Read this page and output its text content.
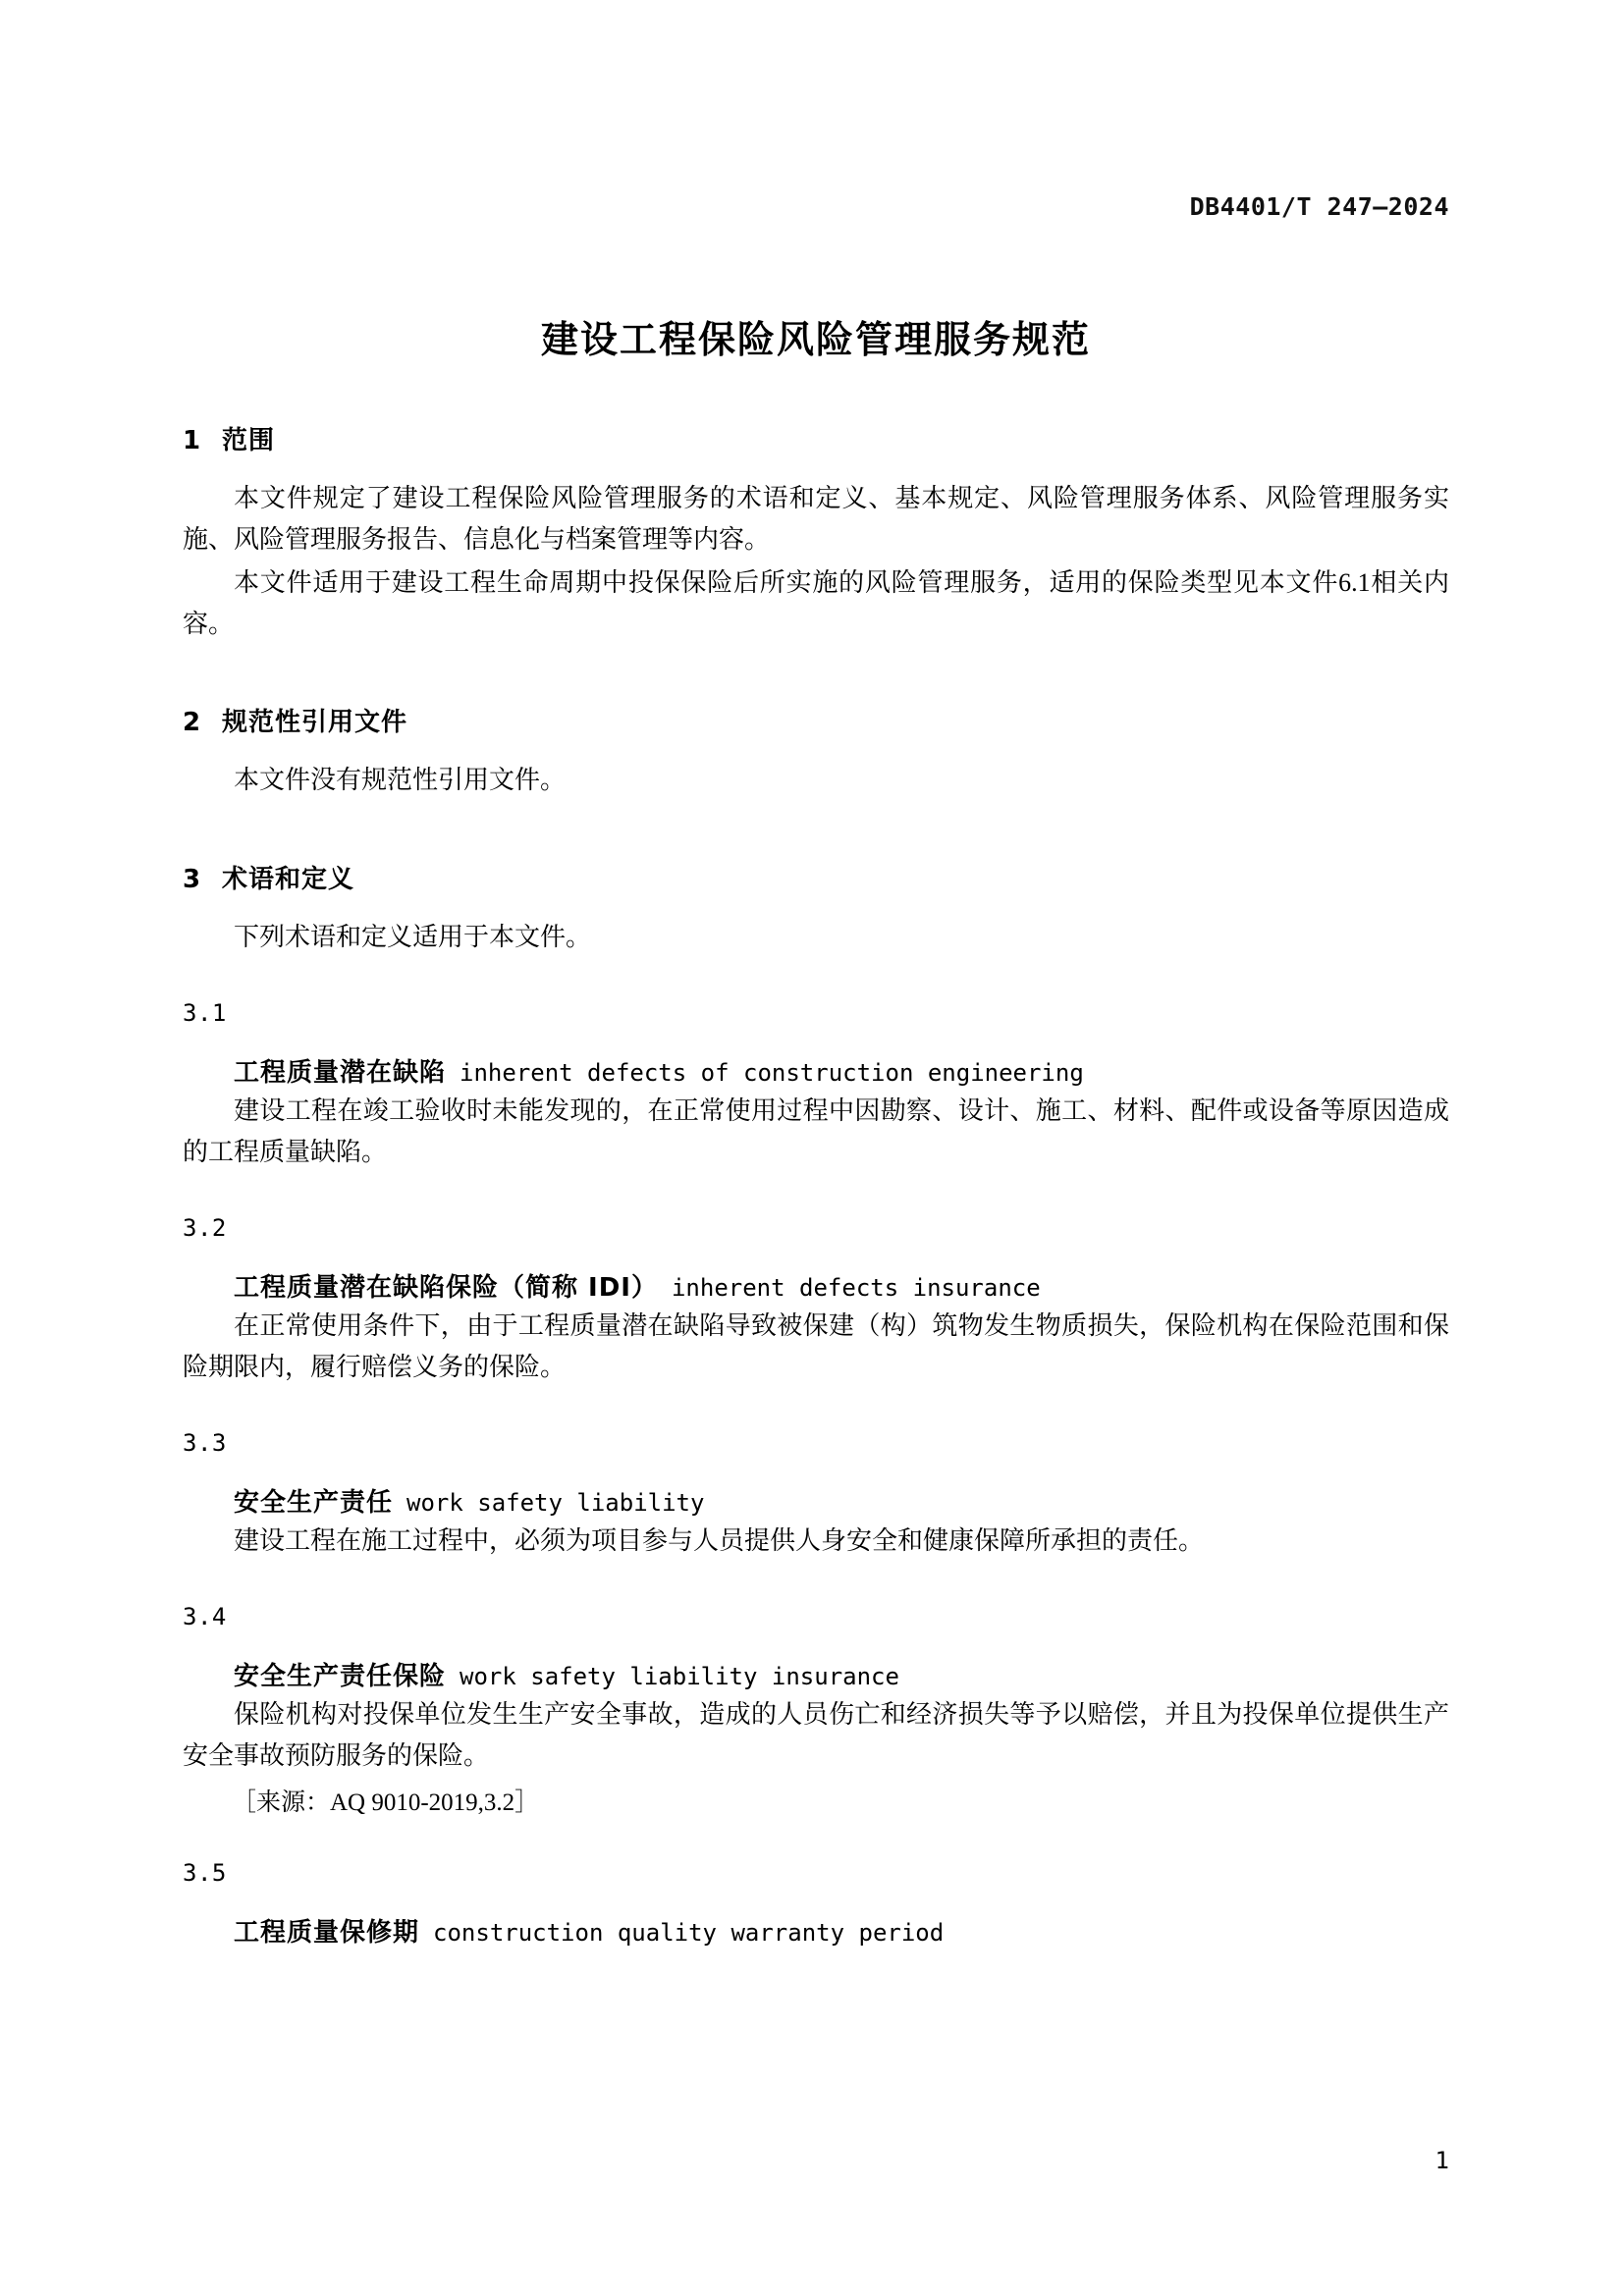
DB4401/T 247—2024
建设工程保险风险管理服务规范
1 范围
本文件规定了建设工程保险风险管理服务的术语和定义、基本规定、风险管理服务体系、风险管理服务实施、风险管理服务报告、信息化与档案管理等内容。
本文件适用于建设工程生命周期中投保保险后所实施的风险管理服务，适用的保险类型见本文件6.1相关内容。
2 规范性引用文件
本文件没有规范性引用文件。
3 术语和定义
下列术语和定义适用于本文件。
3.1
工程质量潜在缺陷 inherent defects of construction engineering
建设工程在竣工验收时未能发现的，在正常使用过程中因勘察、设计、施工、材料、配件或设备等原因造成的工程质量缺陷。
3.2
工程质量潜在缺陷保险（简称 IDI） inherent defects insurance
在正常使用条件下，由于工程质量潜在缺陷导致被保建（构）筑物发生物质损失，保险机构在保险范围和保险期限内，履行赔偿义务的保险。
3.3
安全生产责任 work safety liability
建设工程在施工过程中，必须为项目参与人员提供人身安全和健康保障所承担的责任。
3.4
安全生产责任保险 work safety liability insurance
保险机构对投保单位发生生产安全事故，造成的人员伤亡和经济损失等予以赔偿，并且为投保单位提供生产安全事故预防服务的保险。
［来源：AQ 9010-2019,3.2］
3.5
工程质量保修期 construction quality warranty period
1
